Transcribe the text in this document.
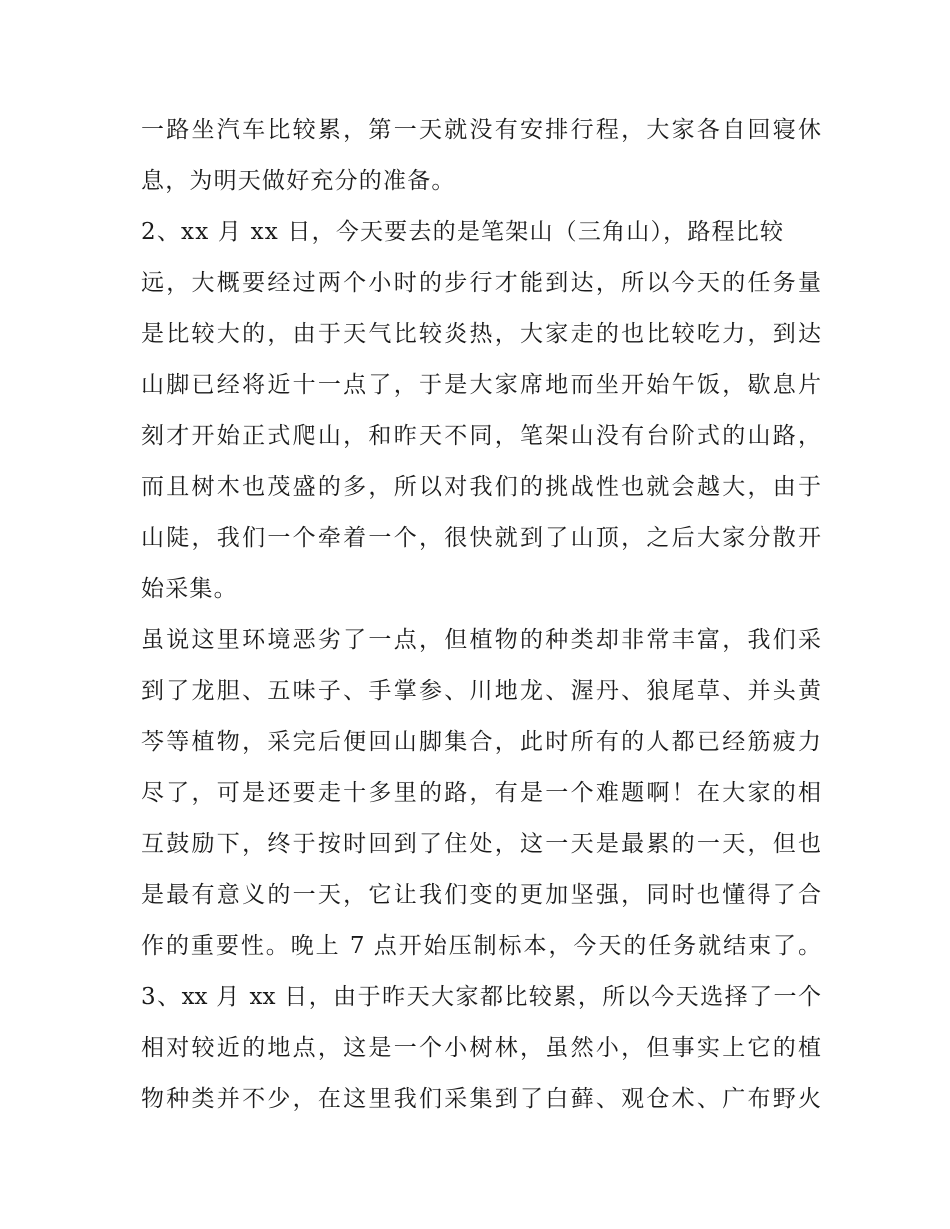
一路坐汽车比较累，第一天就没有安排行程，大家各自回寝休
息，为明天做好充分的准备。
2、xx 月 xx 日，今天要去的是笔架山（三角山），路程比较
远，大概要经过两个小时的步行才能到达，所以今天的任务量
是比较大的，由于天气比较炎热，大家走的也比较吃力，到达
山脚已经将近十一点了，于是大家席地而坐开始午饭，歇息片
刻才开始正式爬山，和昨天不同，笔架山没有台阶式的山路，
而且树木也茂盛的多，所以对我们的挑战性也就会越大，由于
山陡，我们一个牵着一个，很快就到了山顶，之后大家分散开
始采集。
虽说这里环境恶劣了一点，但植物的种类却非常丰富，我们采
到了龙胆、五味子、手掌参、川地龙、渥丹、狼尾草、并头黄
芩等植物，采完后便回山脚集合，此时所有的人都已经筋疲力
尽了，可是还要走十多里的路，有是一个难题啊！在大家的相
互鼓励下，终于按时回到了住处，这一天是最累的一天，但也
是最有意义的一天，它让我们变的更加坚强，同时也懂得了合
作的重要性。晚上 7 点开始压制标本，今天的任务就结束了。
3、xx 月 xx 日，由于昨天大家都比较累，所以今天选择了一个
相对较近的地点，这是一个小树林，虽然小，但事实上它的植
物种类并不少，在这里我们采集到了白藓、观仓术、广布野火
